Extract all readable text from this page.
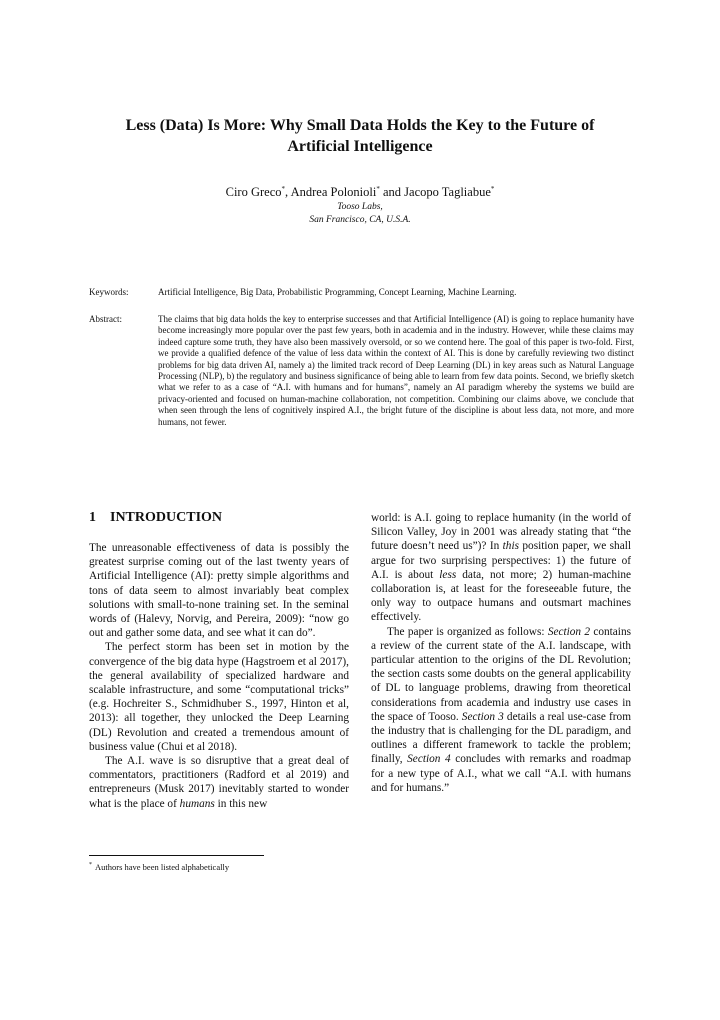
Less (Data) Is More: Why Small Data Holds the Key to the Future of
Artificial Intelligence
Ciro Greco*, Andrea Polonioli* and Jacopo Tagliabue*
Tooso Labs,
San Francisco, CA, U.S.A.
Keywords:	Artificial Intelligence, Big Data, Probabilistic Programming, Concept Learning, Machine Learning.
Abstract:	The claims that big data holds the key to enterprise successes and that Artificial Intelligence (AI) is going to replace humanity have become increasingly more popular over the past few years, both in academia and in the industry. However, while these claims may indeed capture some truth, they have also been massively oversold, or so we contend here. The goal of this paper is two-fold. First, we provide a qualified defence of the value of less data within the context of AI. This is done by carefully reviewing two distinct problems for big data driven AI, namely a) the limited track record of Deep Learning (DL) in key areas such as Natural Language Processing (NLP), b) the regulatory and business significance of being able to learn from few data points. Second, we briefly sketch what we refer to as a case of “A.I. with humans and for humans”, namely an AI paradigm whereby the systems we build are privacy-oriented and focused on human-machine collaboration, not competition. Combining our claims above, we conclude that when seen through the lens of cognitively inspired A.I., the bright future of the discipline is about less data, not more, and more humans, not fewer.
1 INTRODUCTION

The unreasonable effectiveness of data is possibly the greatest surprise coming out of the last twenty years of Artificial Intelligence (AI): pretty simple algorithms and tons of data seem to almost invariably beat complex solutions with small-to-none training set. In the seminal words of (Halevy, Norvig, and Pereira, 2009): “now go out and gather some data, and see what it can do”.

The perfect storm has been set in motion by the convergence of the big data hype (Hagstroem et al 2017), the general availability of specialized hardware and scalable infrastructure, and some “computational tricks” (e.g. Hochreiter S., Schmidhuber S., 1997, Hinton et al, 2013): all together, they unlocked the Deep Learning (DL) Revolution and created a tremendous amount of business value (Chui et al 2018).

The A.I. wave is so disruptive that a great deal of commentators, practitioners (Radford et al 2019) and entrepreneurs (Musk 2017) inevitably started to wonder what is the place of humans in this new

world: is A.I. going to replace humanity (in the world of Silicon Valley, Joy in 2001 was already stating that “the future doesn’t need us”)? In this position paper, we shall argue for two surprising perspectives: 1) the future of A.I. is about less data, not more; 2) human-machine collaboration is, at least for the foreseeable future, the only way to outpace humans and outsmart machines effectively.

The paper is organized as follows: Section 2 contains a review of the current state of the A.I. landscape, with particular attention to the origins of the DL Revolution; the section casts some doubts on the general applicability of DL to language problems, drawing from theoretical considerations from academia and industry use cases in the space of Tooso. Section 3 details a real use-case from the industry that is challenging for the DL paradigm, and outlines a different framework to tackle the problem; finally, Section 4 concludes with remarks and roadmap for a new type of A.I., what we call “A.I. with humans and for humans.”

* Authors have been listed alphabetically
